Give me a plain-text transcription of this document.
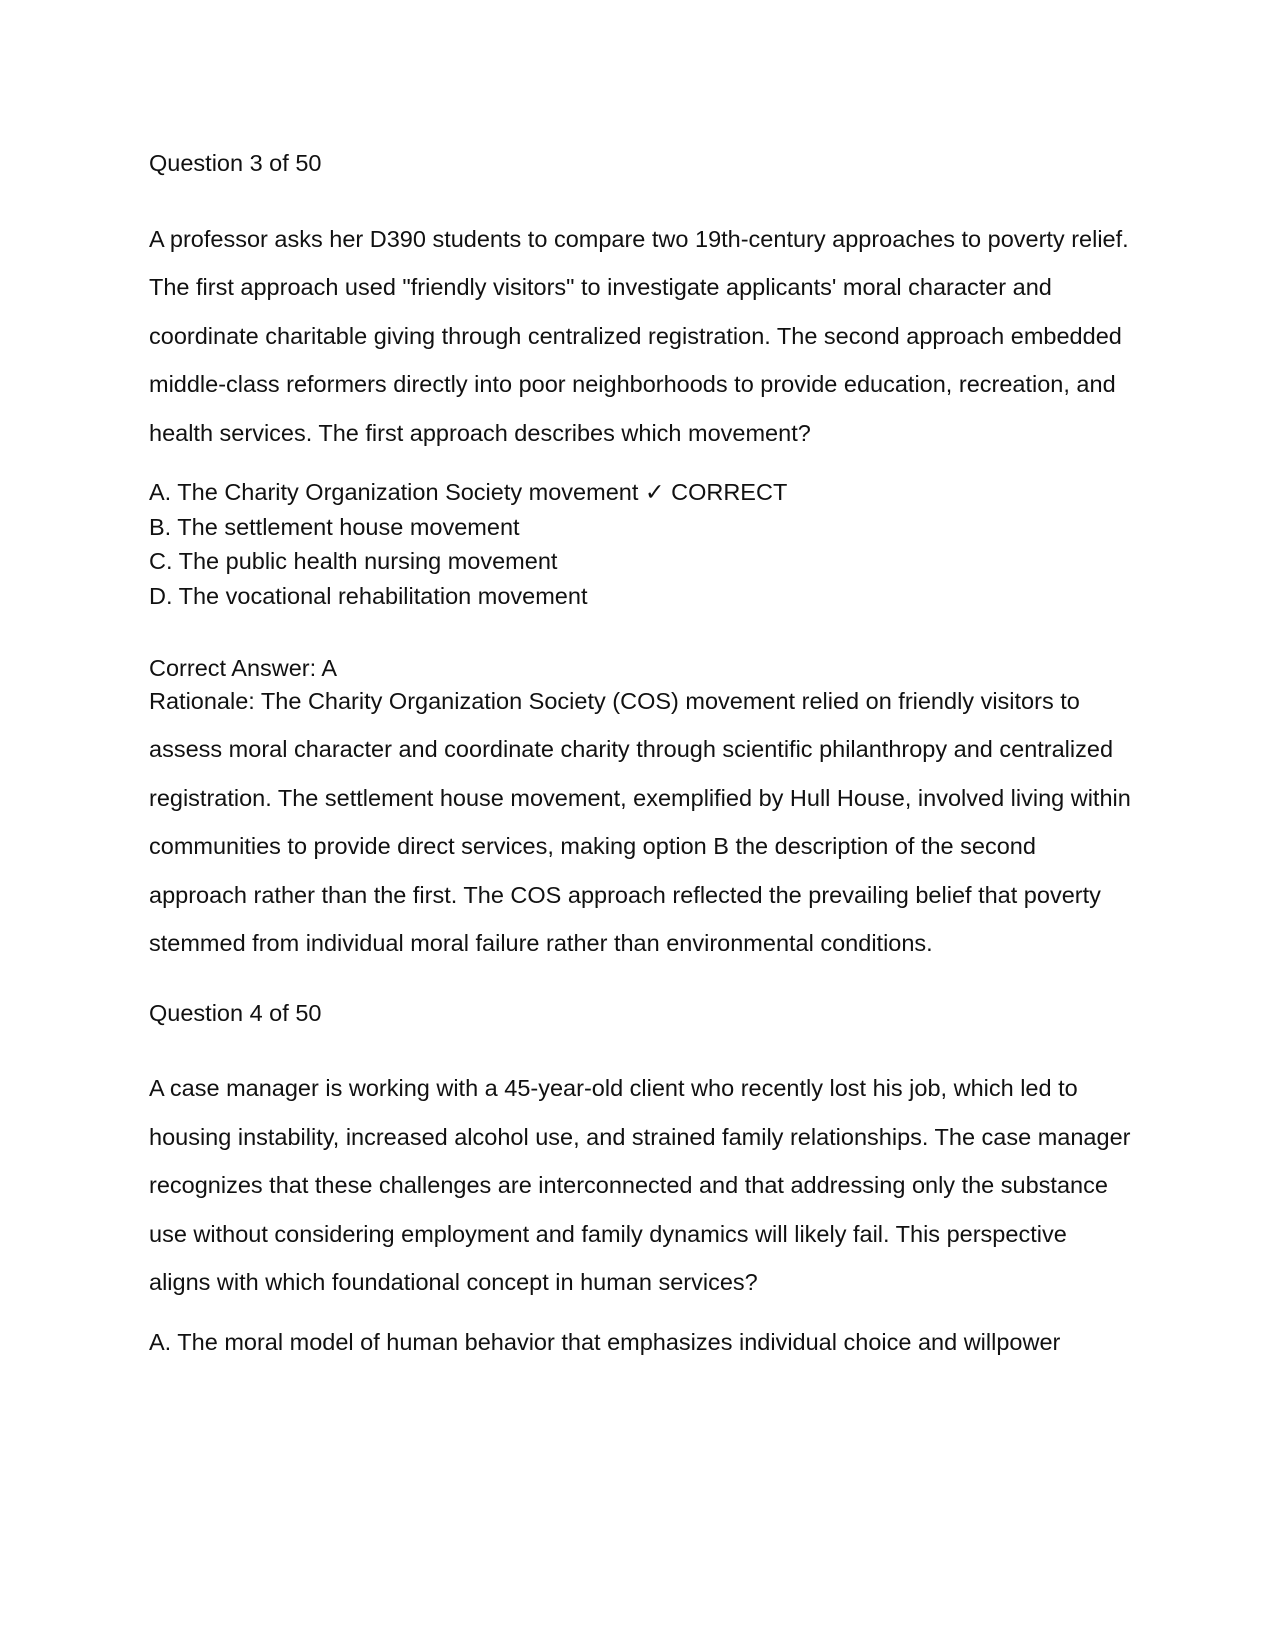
Question 3 of 50

A professor asks her D390 students to compare two 19th-century approaches to poverty relief. The first approach used "friendly visitors" to investigate applicants' moral character and coordinate charitable giving through centralized registration. The second approach embedded middle-class reformers directly into poor neighborhoods to provide education, recreation, and health services. The first approach describes which movement?

A. The Charity Organization Society movement ✓ CORRECT
B. The settlement house movement
C. The public health nursing movement
D. The vocational rehabilitation movement

Correct Answer: A

Rationale: The Charity Organization Society (COS) movement relied on friendly visitors to assess moral character and coordinate charity through scientific philanthropy and centralized registration. The settlement house movement, exemplified by Hull House, involved living within communities to provide direct services, making option B the description of the second approach rather than the first. The COS approach reflected the prevailing belief that poverty stemmed from individual moral failure rather than environmental conditions.

Question 4 of 50

A case manager is working with a 45-year-old client who recently lost his job, which led to housing instability, increased alcohol use, and strained family relationships. The case manager recognizes that these challenges are interconnected and that addressing only the substance use without considering employment and family dynamics will likely fail. This perspective aligns with which foundational concept in human services?

A. The moral model of human behavior that emphasizes individual choice and willpower
